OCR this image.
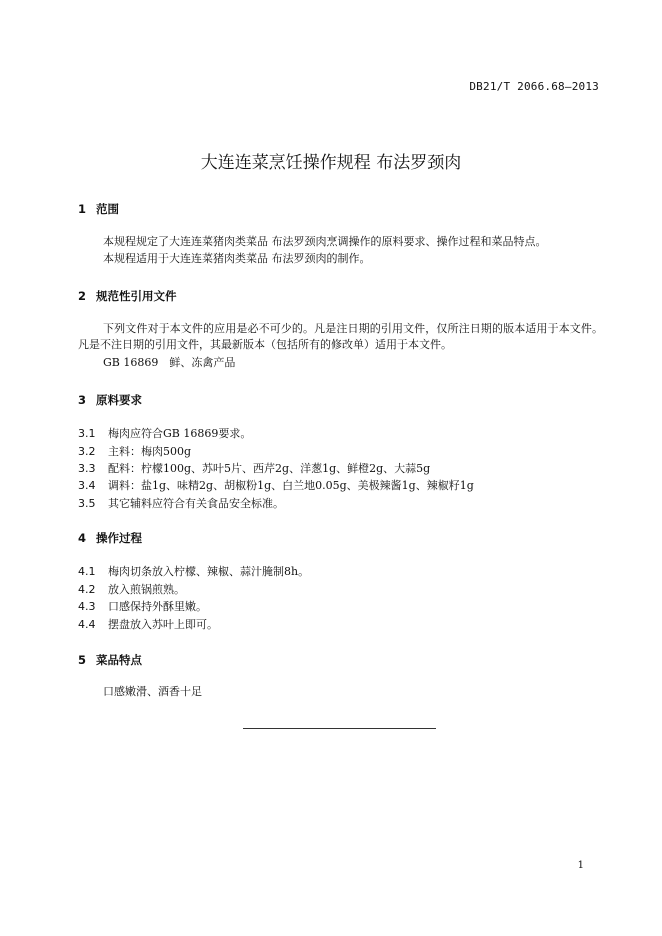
DB21/T 2066.68—2013
大连连菜烹饪操作规程 布法罗颈肉
1 范围
本规程规定了大连连菜猪肉类菜品 布法罗颈肉烹调操作的原料要求、操作过程和菜品特点。
本规程适用于大连连菜猪肉类菜品 布法罗颈肉的制作。
2 规范性引用文件
下列文件对于本文件的应用是必不可少的。凡是注日期的引用文件，仅所注日期的版本适用于本文件。凡是不注日期的引用文件，其最新版本（包括所有的修改单）适用于本文件。
GB 16869　鲜、冻禽产品
3 原料要求
3.1 梅肉应符合GB 16869要求。
3.2 主料：梅肉500g
3.3 配料：柠檬100g、苏叶5片、西芹2g、洋葱1g、鲜橙2g、大蒜5g
3.4 调料：盐1g、味精2g、胡椒粉1g、白兰地0.05g、美极辣酱1g、辣椒籽1g
3.5 其它辅料应符合有关食品安全标准。
4 操作过程
4.1 梅肉切条放入柠檬、辣椒、蒜汁腌制8h。
4.2 放入煎锅煎熟。
4.3 口感保持外酥里嫩。
4.4 摆盘放入苏叶上即可。
5 菜品特点
口感嫩滑、酒香十足
1
